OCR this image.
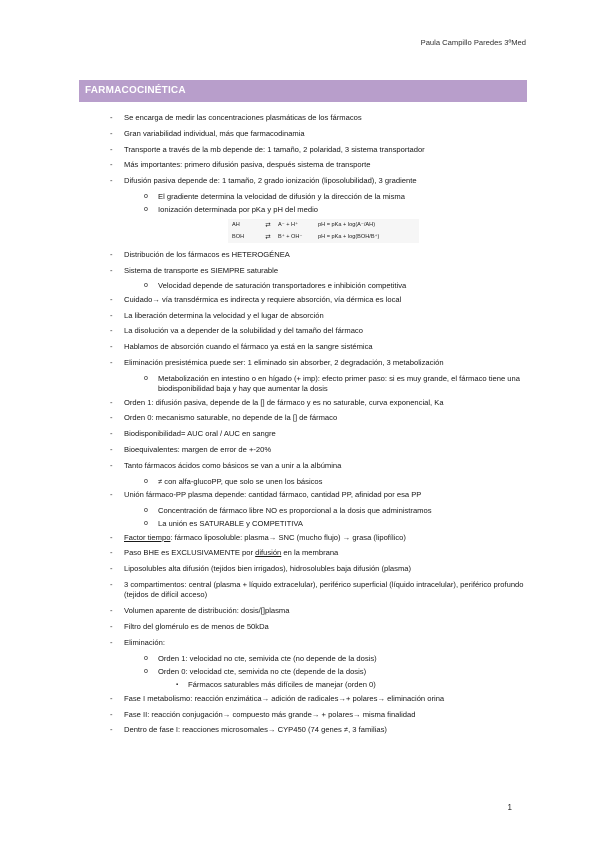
Paula Campillo Paredes 3ºMed
FARMACOCINÉTICA
- Se encarga de medir las concentraciones plasmáticas de los fármacos
- Gran variabilidad individual, más que farmacodinamia
- Transporte a través de la mb depende de: 1 tamaño, 2 polaridad, 3 sistema transportador
- Más importantes: primero difusión pasiva, después sistema de transporte
- Difusión pasiva depende de: 1 tamaño, 2 grado ionización (liposolubilidad), 3 gradiente
o El gradiente determina la velocidad de difusión y la dirección de la misma
o Ionización determinada por pKa y pH del medio
AH	⇄	A⁻ + H⁺	pH = pKa + log(A⁻/AH)
BOH	⇄	B⁺ + OH⁻	pH = pKa + log(BOH/B⁺)
- Distribución de los fármacos es HETEROGÉNEA
- Sistema de transporte es SIEMPRE saturable
o Velocidad depende de saturación transportadores e inhibición competitiva
- Cuidado→ vía transdérmica es indirecta y requiere absorción, vía dérmica es local
- La liberación determina la velocidad y el lugar de absorción
- La disolución va a depender de la solubilidad y del tamaño del fármaco
- Hablamos de absorción cuando el fármaco ya está en la sangre sistémica
- Eliminación presistémica puede ser: 1 eliminado sin absorber, 2 degradación, 3 metabolización
o Metabolización en intestino o en hígado (+ imp): efecto primer paso: si es muy grande, el fármaco tiene una biodisponibilidad baja y hay que aumentar la dosis
- Orden 1: difusión pasiva, depende de la [] de fármaco y es no saturable, curva exponencial, Ka
- Orden 0: mecanismo saturable, no depende de la [] de fármaco
- Biodisponibilidad= AUC oral / AUC en sangre
- Bioequivalentes: margen de error de +-20%
- Tanto fármacos ácidos como básicos se van a unir a la albúmina
o ≠ con alfa-glucoPP, que solo se unen los básicos
- Unión fármaco-PP plasma depende: cantidad fármaco, cantidad PP, afinidad por esa PP
o Concentración de fármaco libre NO es proporcional a la dosis que administramos
o La unión es SATURABLE y COMPETITIVA
- Factor tiempo: fármaco liposoluble: plasma→ SNC (mucho flujo) → grasa (lipofílico)
- Paso BHE es EXCLUSIVAMENTE por difusión en la membrana
- Liposolubles alta difusión (tejidos bien irrigados), hidrosolubles baja difusión (plasma)
- 3 compartimentos: central (plasma + líquido extracelular), periférico superficial (líquido intracelular), periférico profundo (tejidos de difícil acceso)
- Volumen aparente de distribución: dosis/[]plasma
- Filtro del glomérulo es de menos de 50kDa
- Eliminación:
o Orden 1: velocidad no cte, semivida cte (no depende de la dosis)
o Orden 0: velocidad cte, semivida no cte (depende de la dosis)
▪ Fármacos saturables más difíciles de manejar (orden 0)
- Fase I metabolismo: reacción enzimática→ adición de radicales→+ polares→ eliminación orina
- Fase II: reacción conjugación→ compuesto más grande→ + polares→ misma finalidad
- Dentro de fase I: reacciones microsomales→ CYP450 (74 genes ≠, 3 familias)
1
